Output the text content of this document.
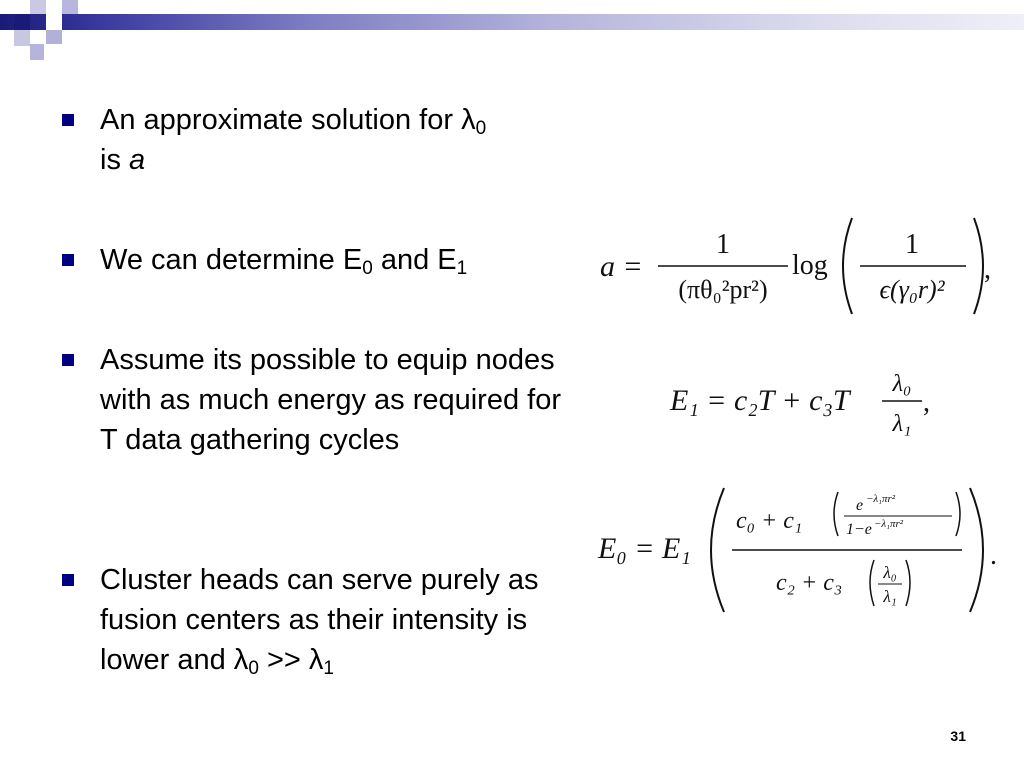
An approximate solution for $\lambda_0$
is a
We can determine $E_0$ and $E_1$
Assume its possible to equip nodes with as much energy as required for T data gathering cycles
Cluster heads can serve purely as fusion centers as their intensity is lower and $\lambda_0 >> \lambda_1$
a =
1
(πθ₀²pr²)
log
1
ϵ(γ₀r)²
,
E₁ = c₂T + c₃T λ₀
λ₁
,
E₀ = E₁
c₀ + c₁
e −λ₁πr²
1−e −λ₁πr²
c₂ + c₃ λ₀
λ₁
.
31
